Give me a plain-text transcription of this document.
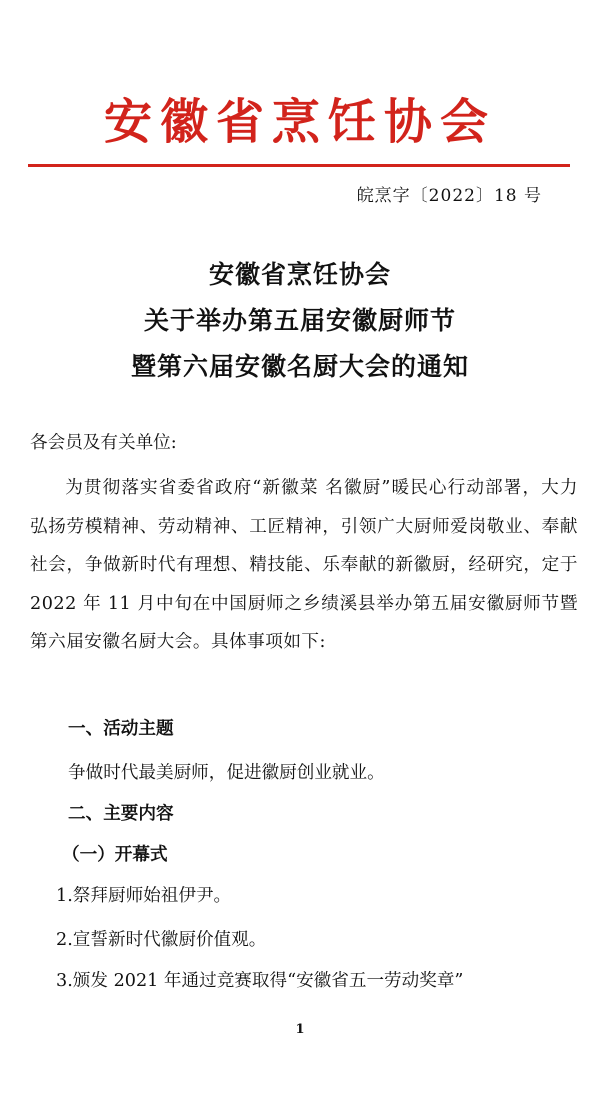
安徽省烹饪协会
皖烹字〔2022〕18 号
安徽省烹饪协会
关于举办第五届安徽厨师节
暨第六届安徽名厨大会的通知
各会员及有关单位:
为贯彻落实省委省政府“新徽菜 名徽厨”暖民心行动部署，大力弘扬劳模精神、劳动精神、工匠精神，引领广大厨师爱岗敬业、奉献社会，争做新时代有理想、精技能、乐奉献的新徽厨，经研究，定于 2022 年 11 月中旬在中国厨师之乡绩溪县举办第五届安徽厨师节暨第六届安徽名厨大会。具体事项如下:
一、活动主题
争做时代最美厨师，促进徽厨创业就业。
二、主要内容
（一）开幕式
1.祭拜厨师始祖伊尹。
2.宣誓新时代徽厨价值观。
3.颁发 2021 年通过竞赛取得“安徽省五一劳动奖章”
1
